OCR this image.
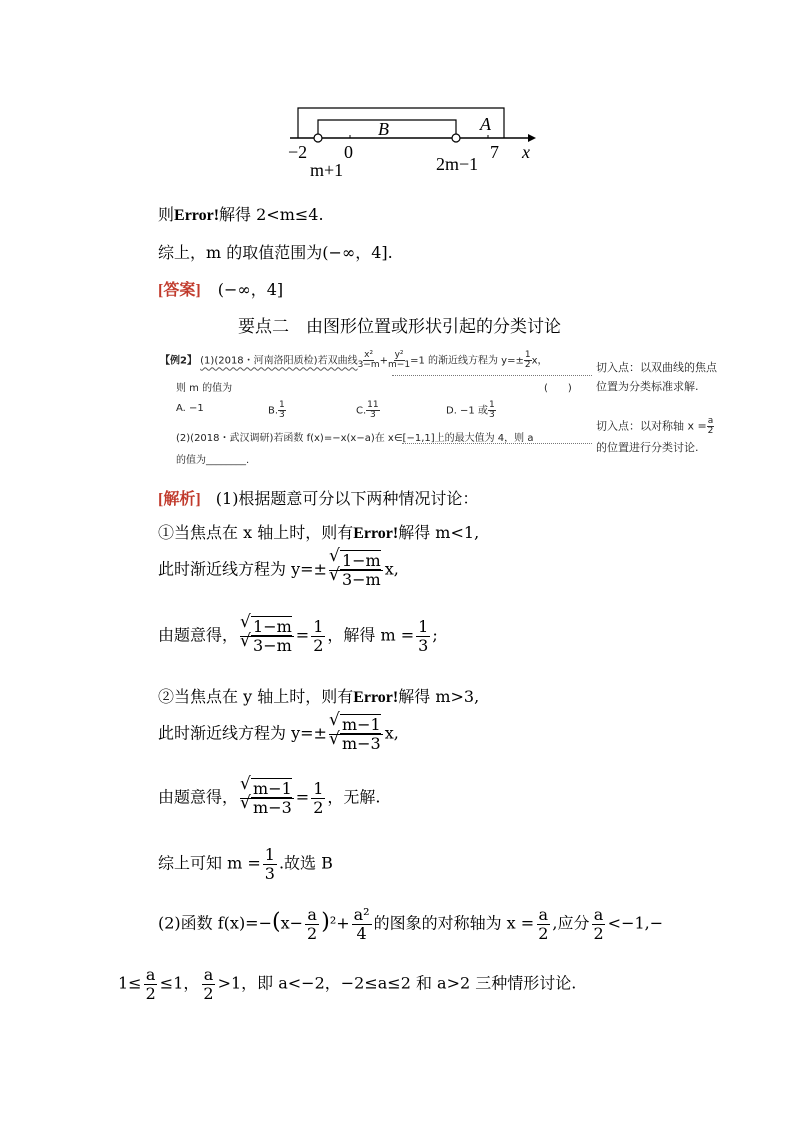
A
B
x
−2 0	7
m+1	2m−1
则Error!解得 2<m≤4.
综上，m 的取值范围为(−∞，4].
[答案] (−∞，4]
要点二　由图形位置或形状引起的分类讨论
【例2】 (1)(2018・河南洛阳质检)若双曲线 $\frac{\text{x²}}{3-m} + \frac{\text{y²}}{m-1} =1$ 的渐近线方程为 $y=\pm \frac{1}{2}$ x，
则 m 的值为	(　　)
A. −1	B. $\frac{1}{3}$	C. $\frac{11}{3}$	D. −1 或 $\frac{1}{3}$
(2)(2018・武汉调研)若函数 f(x)=−x(x−a)在 x∈[−1,1]上的最大值为 4，则 a
的值为________.
切入点：以双曲线的焦点
位置为分类标准求解.
切入点：以对称轴 $x = \frac{a}{2}$
的位置进行分类讨论.
[解析] (1)根据题意可分以下两种情况讨论：
①当焦点在 x 轴上时，则有Error!解得 m<1,
此时渐近线方程为 y=± √ 1−m
√ 3−m x,
由题意得， √ 1−m
√ $3-m = \frac{1}{2}$ ，解得 $m = \frac{1}{3}$ ;
②当焦点在 y 轴上时，则有Error!解得 m>3,
此时渐近线方程为 y=± √ m−1
√ m−3 x,
由题意得， √ m−1
√ $m-3 = \frac{1}{2}$ ，无解.
综上可知 $m = \frac{1}{3}$ .故选 B
(2)函数 $f(x)=-(x- \frac{a}{2} )^2+ \frac{\text{a²}}{4}$ 的图象的对称轴为 $x = \frac{a}{2}$ ,应分 $\frac{a}{2} <-1,-$
$1\le \frac{a}{2} \le 1$， $\frac{a}{2} >1$，即 a<−2，−2≤a≤2 和 a>2 三种情形讨论.
